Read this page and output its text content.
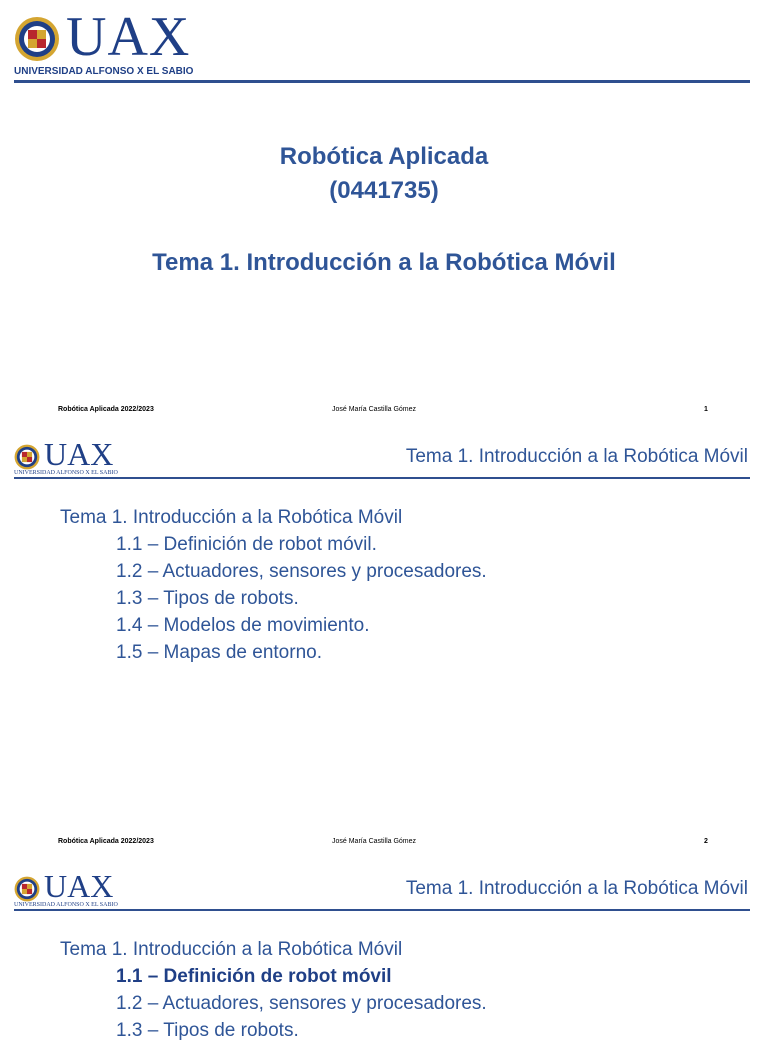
UAX
UNIVERSIDAD ALFONSO X EL SABIO
Robótica Aplicada
(0441735)
Tema 1. Introducción a la Robótica Móvil
Robótica Aplicada 2022/2023	José María Castilla Gómez	1
UAX
UNIVERSIDAD ALFONSO X EL SABIO
Tema 1. Introducción a la Robótica Móvil
Tema 1. Introducción a la Robótica Móvil
1.1 – Definición de robot móvil.
1.2 – Actuadores, sensores y procesadores.
1.3 – Tipos de robots.
1.4 – Modelos de movimiento.
1.5 – Mapas de entorno.
Robótica Aplicada 2022/2023	José María Castilla Gómez	2
UAX
UNIVERSIDAD ALFONSO X EL SABIO
Tema 1. Introducción a la Robótica Móvil
Tema 1. Introducción a la Robótica Móvil
1.1 – Definición de robot móvil
1.2 – Actuadores, sensores y procesadores.
1.3 – Tipos de robots.
